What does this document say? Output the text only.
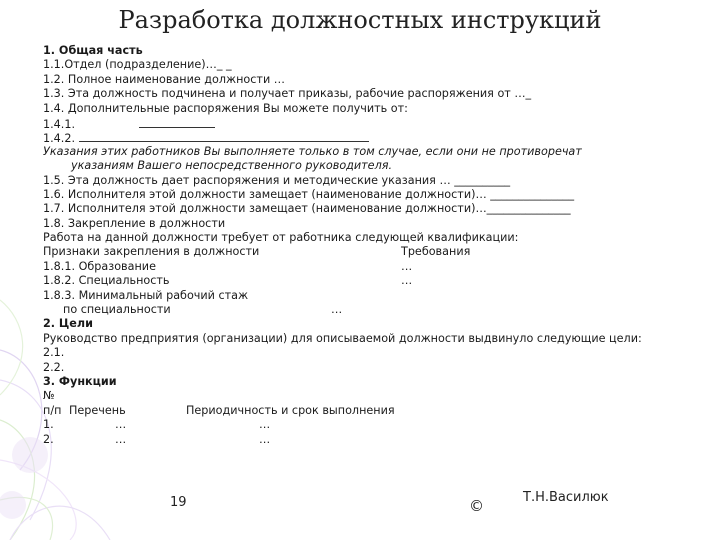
Разработка должностных инструкций
1. Общая часть
1.1.Отдел (подразделение)…_ _
1.2. Полное наименование должности …
1.3. Эта должность подчинена и получает приказы, рабочие распоряжения от …_
1.4. Дополнительные распоряжения Вы можете получить от:
1.4.1.
1.4.2.
Указания этих работников Вы выполняете только в том случае, если они не противоречат
указаниям Вашего непосредственного руководителя.
1.5. Эта должность дает распоряжения и методические указания … __________
1.6. Исполнителя этой должности замещает (наименование должности)… _______________
1.7. Исполнителя этой должности замещает (наименование должности)…_______________
1.8. Закрепление в должности
Работа на данной должности требует от работника следующей квалификации:
Признаки закрепления в должности	Требования
1.8.1. Образование	…
1.8.2. Специальность	…
1.8.3. Минимальный рабочий стаж
по специальности	…
2. Цели
Руководство предприятия (организации) для описываемой должности выдвинуло следующие цели:
2.1.
2.2.
3. Функции
№
п/п Перечень	Периодичность и срок выполнения
1.	…	…
2.	…	…
19	©	Т.Н.Василюк
